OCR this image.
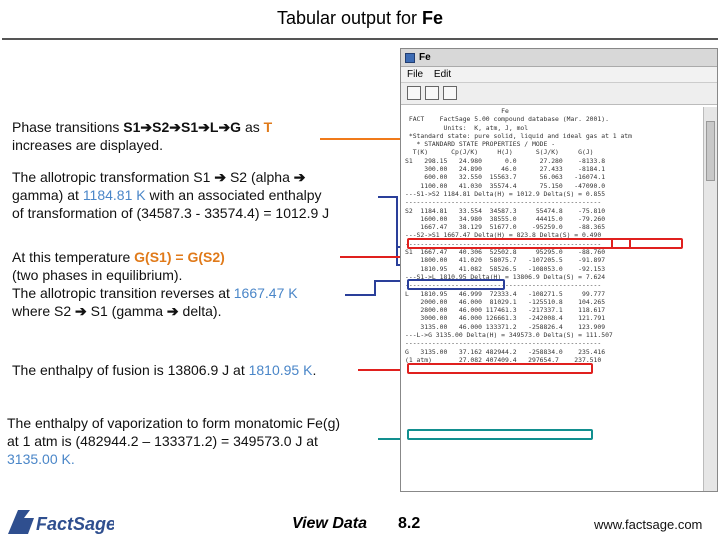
Tabular output for Fe
Phase transitions S1➔S2➔S1➔L➔G as T
increases are displayed.
The allotropic transformation S1 ➔ S2 (alpha ➔
gamma) at 1184.81 K with an associated enthalpy
of transformation of (34587.3 - 33574.4) = 1012.9 J
At this temperature G(S1) = G(S2)
(two phases in equilibrium).
The allotropic transition reverses at 1667.47 K
where S2 ➔ S1 (gamma ➔ delta).
The enthalpy of fusion is 13806.9 J at 1810.95 K.
The enthalpy of vaporization to form monatomic Fe(g)
at 1 atm is (482944.2 – 133371.2) = 349573.0 J at
3135.00 K.
Fe
File Edit
Fe
FACT    Fact5age 5.00 compound database (Mar. 2001).
Units:  K, atm, J, mol
*Standard state: pure solid, liquid and ideal gas at 1 atm
* STANDARD STATE PROPERTIES / MODE -
T(K)      Cp(J/K)     H(J)      S(J/K)     G(J)
S1   298.15   24.980      0.0      27.280    -8133.8
300.00   24.890     46.0      27.433    -8184.1
600.00   32.550  15563.7      56.063   -16074.1
1100.00   41.030  35574.4      75.150   -47090.0
---S1->S2 1184.81 Delta(H) = 1012.9 Delta(S) = 0.855
---------------------------------------------------
S2  1184.81   33.554  34587.3     55474.8    -75.810
1600.00   34.980  38555.0     44415.0    -79.260
1667.47   38.129  51677.0    -95259.0    -88.365
---S2->S1 1667.47 Delta(H) = 823.8 Delta(S) = 0.490
---------------------------------------------------
S1  1667.47   40.306  52502.8     95295.0    -88.760
1800.00   41.020  58075.7   -107205.5    -91.897
1810.95   41.082  58526.5   -108053.0    -92.153
---S1->L 1810.95 Delta(H) = 13806.9 Delta(S) = 7.624
---------------------------------------------------
L   1810.95   46.999  72333.4   -108271.5     99.777
2000.00   46.000  81029.1   -125510.8    104.265
2800.00   46.000 117461.3   -217337.1    118.617
3000.00   46.000 126661.3   -242008.4    121.791
3135.00   46.000 133371.2   -258826.4    123.909
---L->G 3135.00 Delta(H) = 349573.0 Delta(S) = 111.507
---------------------------------------------------
G   3135.00   37.162 482944.2   -258834.0    235.416
(1 atm)       27.082 407409.4   297654.7    237.510
FactSage	View Data 8.2	www.factsage.com
